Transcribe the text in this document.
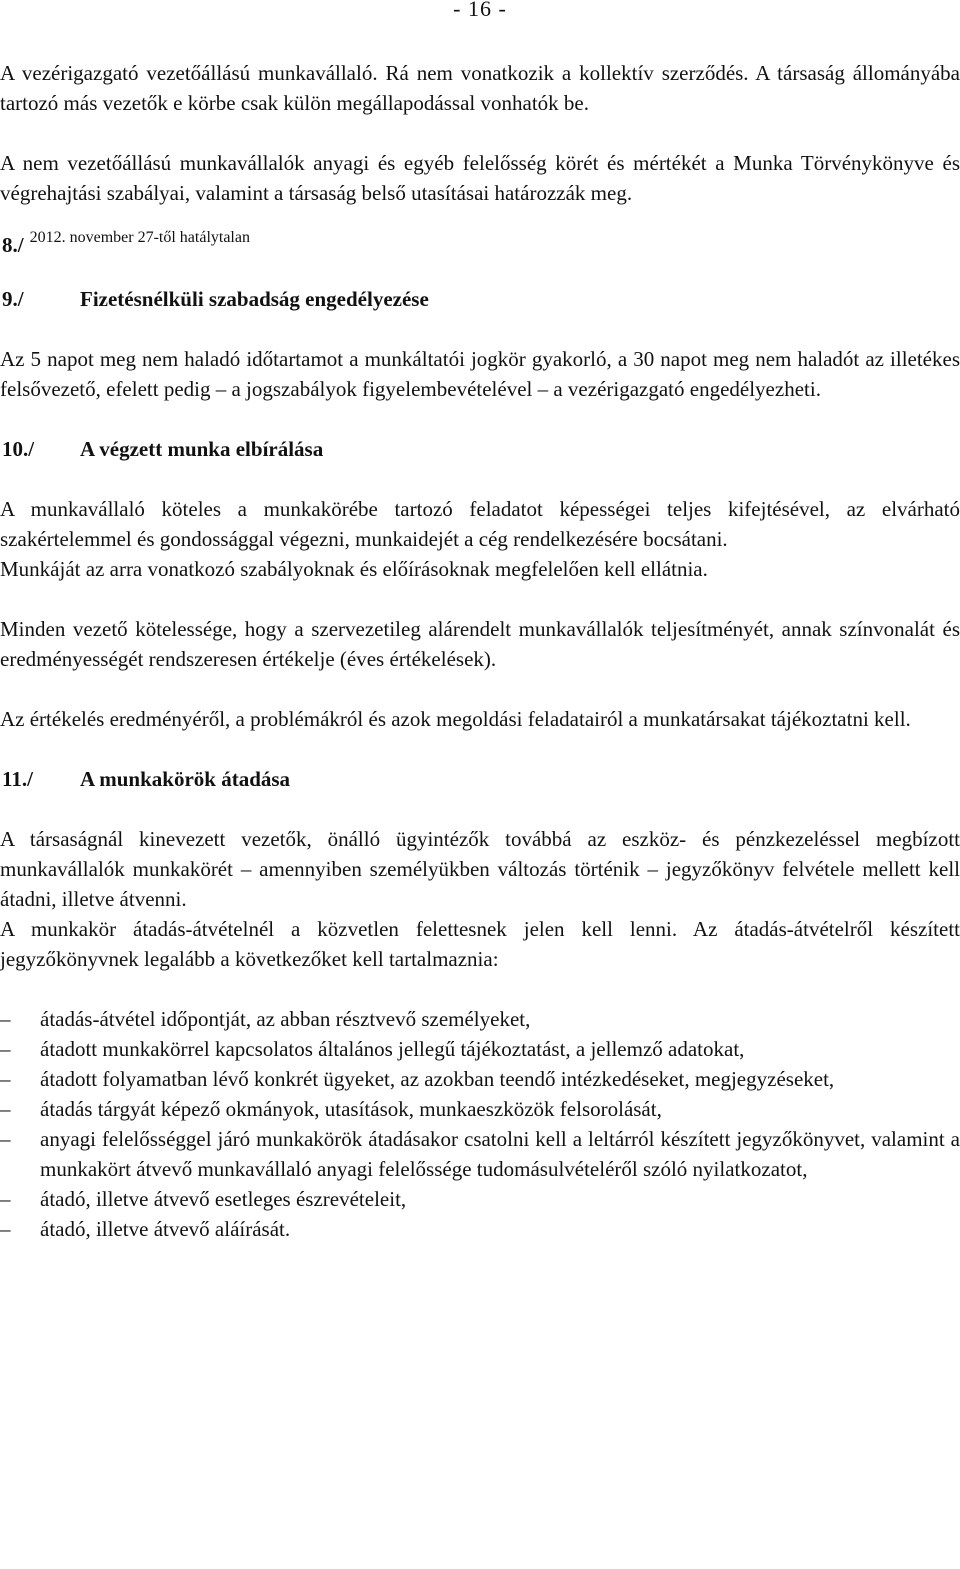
- 16 -

A vezérigazgató vezetőállású munkavállaló. Rá nem vonatkozik a kollektív szerződés. A társaság állományába tartozó más vezetők e körbe csak külön megállapodással vonhatók be.

A nem vezetőállású munkavállalók anyagi és egyéb felelősség körét és mértékét a Munka Törvénykönyve és végrehajtási szabályai, valamint a társaság belső utasításai határozzák meg.

8./ 2012. november 27-től hatálytalan
9./	Fizetésnélküli szabadság engedélyezése

Az 5 napot meg nem haladó időtartamot a munkáltatói jogkör gyakorló, a 30 napot meg nem haladót az illetékes felsővezető, efelett pedig – a jogszabályok figyelembevételével – a vezérigazgató engedélyezheti.

10./	A végzett munka elbírálása

A munkavállaló köteles a munkakörébe tartozó feladatot képességei teljes kifejtésével, az elvárható szakértelemmel és gondossággal végezni, munkaidejét a cég rendelkezésére bocsátani.

Munkáját az arra vonatkozó szabályoknak és előírásoknak megfelelően kell ellátnia.

Minden vezető kötelessége, hogy a szervezetileg alárendelt munkavállalók teljesítményét, annak színvonalát és eredményességét rendszeresen értékelje (éves értékelések).

Az értékelés eredményéről, a problémákról és azok megoldási feladatairól a munkatársakat tájékoztatni kell.

11./	A munkakörök átadása

A társaságnál kinevezett vezetők, önálló ügyintézők továbbá az eszköz- és pénzkezeléssel megbízott munkavállalók munkakörét – amennyiben személyükben változás történik – jegyzőkönyv felvétele mellett kell átadni, illetve átvenni.

A munkakör átadás-átvételnél a közvetlen felettesnek jelen kell lenni. Az átadás-átvételről készített jegyzőkönyvnek legalább a következőket kell tartalmaznia:

–	átadás-átvétel időpontját, az abban résztvevő személyeket,
–	átadott munkakörrel kapcsolatos általános jellegű tájékoztatást, a jellemző adatokat,
–	átadott folyamatban lévő konkrét ügyeket, az azokban teendő intézkedéseket, megjegyzéseket,
–	átadás tárgyát képező okmányok, utasítások, munkaeszközök felsorolását,
–	anyagi felelősséggel járó munkakörök átadásakor csatolni kell a leltárról készített jegyzőkönyvet, valamint a munkakört átvevő munkavállaló anyagi felelőssége tudomásulvételéről szóló nyilatkozatot,
–	átadó, illetve átvevő esetleges észrevételeit,
–	átadó, illetve átvevő aláírását.
